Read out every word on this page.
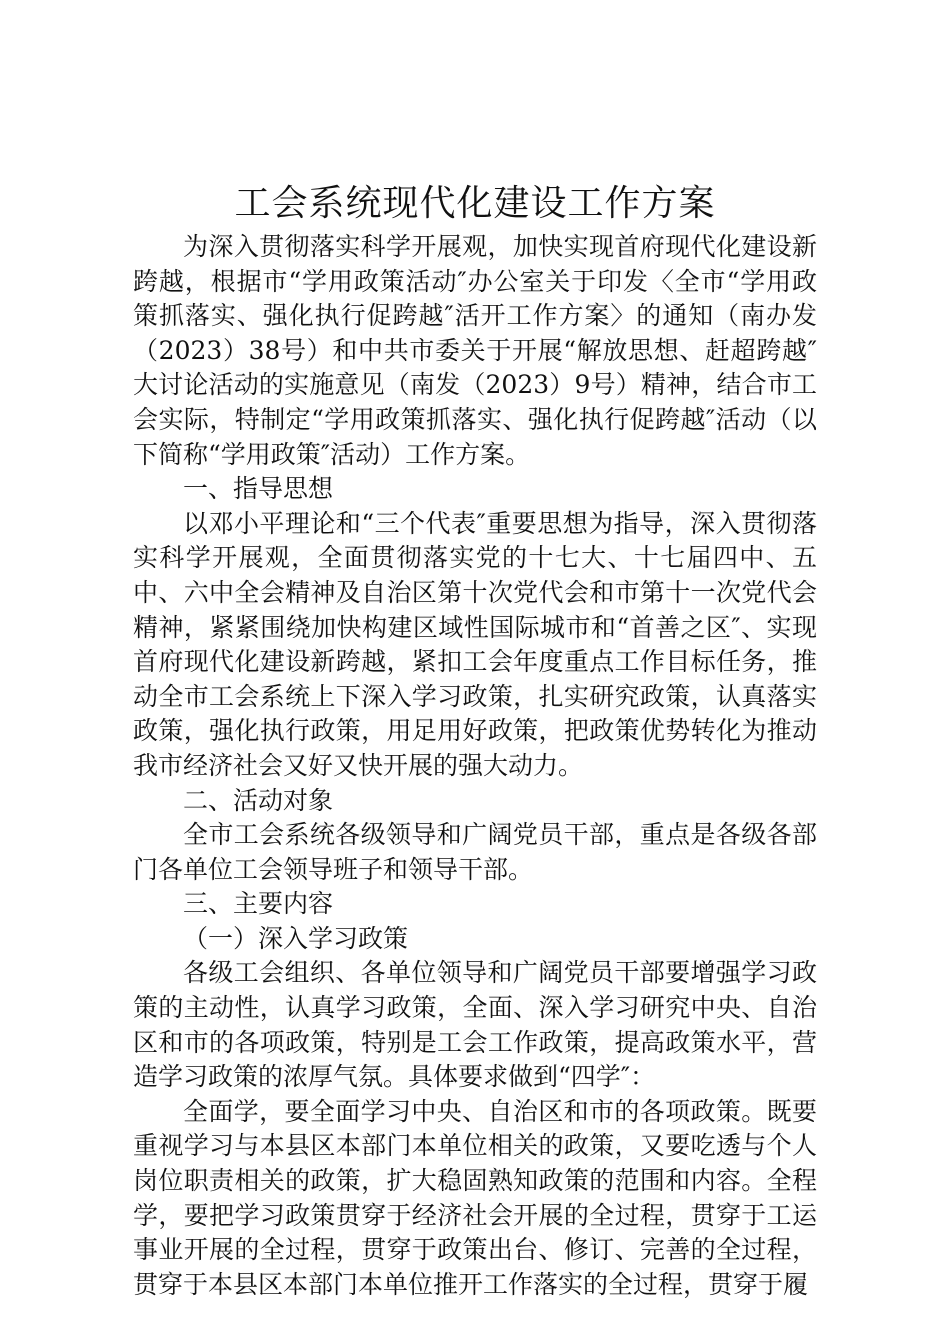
工会系统现代化建设工作方案

为深入贯彻落实科学开展观，加快实现首府现代化建设新跨越，根据市“学用政策活动″办公室关于印发〈全市“学用政策抓落实、强化执行促跨越″活开工作方案〉的通知（南办发（2023）38号）和中共市委关于开展“解放思想、赶超跨越″大讨论活动的实施意见（南发（2023）9号）精神，结合市工会实际，特制定“学用政策抓落实、强化执行促跨越″活动（以下简称“学用政策″活动）工作方案。

一、指导思想

以邓小平理论和“三个代表″重要思想为指导，深入贯彻落实科学开展观，全面贯彻落实党的十七大、十七届四中、五中、六中全会精神及自治区第十次党代会和市第十一次党代会精神，紧紧围绕加快构建区域性国际城市和“首善之区″、实现首府现代化建设新跨越，紧扣工会年度重点工作目标任务，推动全市工会系统上下深入学习政策，扎实研究政策，认真落实政策，强化执行政策，用足用好政策，把政策优势转化为推动我市经济社会又好又快开展的强大动力。

二、活动对象

全市工会系统各级领导和广阔党员干部，重点是各级各部门各单位工会领导班子和领导干部。

三、主要内容

（一）深入学习政策

各级工会组织、各单位领导和广阔党员干部要增强学习政策的主动性，认真学习政策，全面、深入学习研究中央、自治区和市的各项政策，特别是工会工作政策，提高政策水平，营造学习政策的浓厚气氛。具体要求做到“四学″：

全面学，要全面学习中央、自治区和市的各项政策。既要重视学习与本县区本部门本单位相关的政策，又要吃透与个人岗位职责相关的政策，扩大稳固熟知政策的范围和内容。全程学，要把学习政策贯穿于经济社会开展的全过程，贯穿于工运事业开展的全过程，贯穿于政策出台、修订、完善的全过程，贯穿于本县区本部门本单位推开工作落实的全过程，贯穿于履
